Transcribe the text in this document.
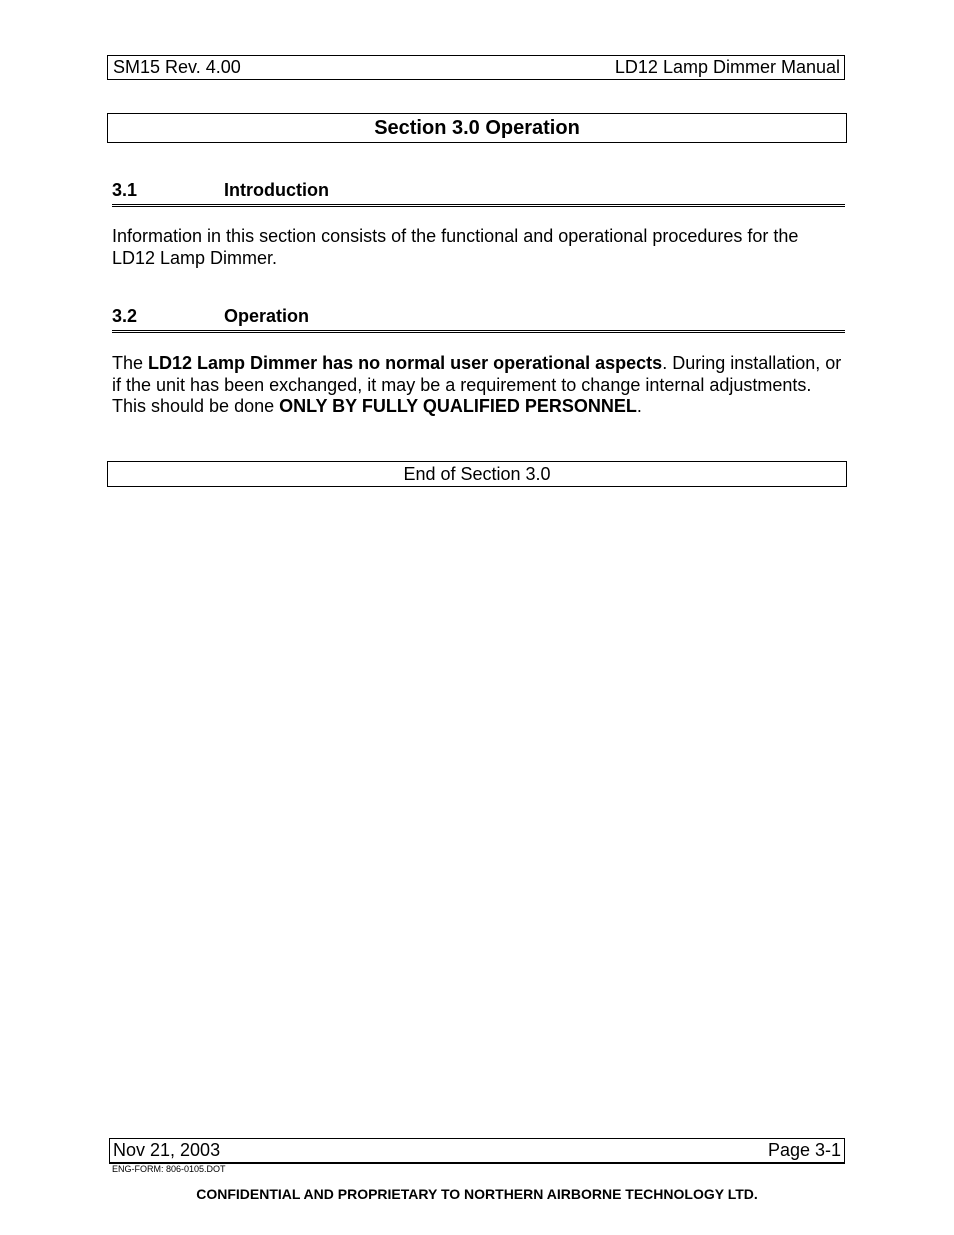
SM15 Rev. 4.00	LD12 Lamp Dimmer Manual
Section 3.0 Operation
3.1	Introduction
Information in this section consists of the functional and operational procedures for the LD12 Lamp Dimmer.
3.2	Operation
The LD12 Lamp Dimmer has no normal user operational aspects. During installation, or if the unit has been exchanged, it may be a requirement to change internal adjustments. This should be done ONLY BY FULLY QUALIFIED PERSONNEL.
End of Section 3.0
Nov 21, 2003	Page 3-1
ENG-FORM: 806-0105.DOT
CONFIDENTIAL AND PROPRIETARY TO NORTHERN AIRBORNE TECHNOLOGY LTD.
